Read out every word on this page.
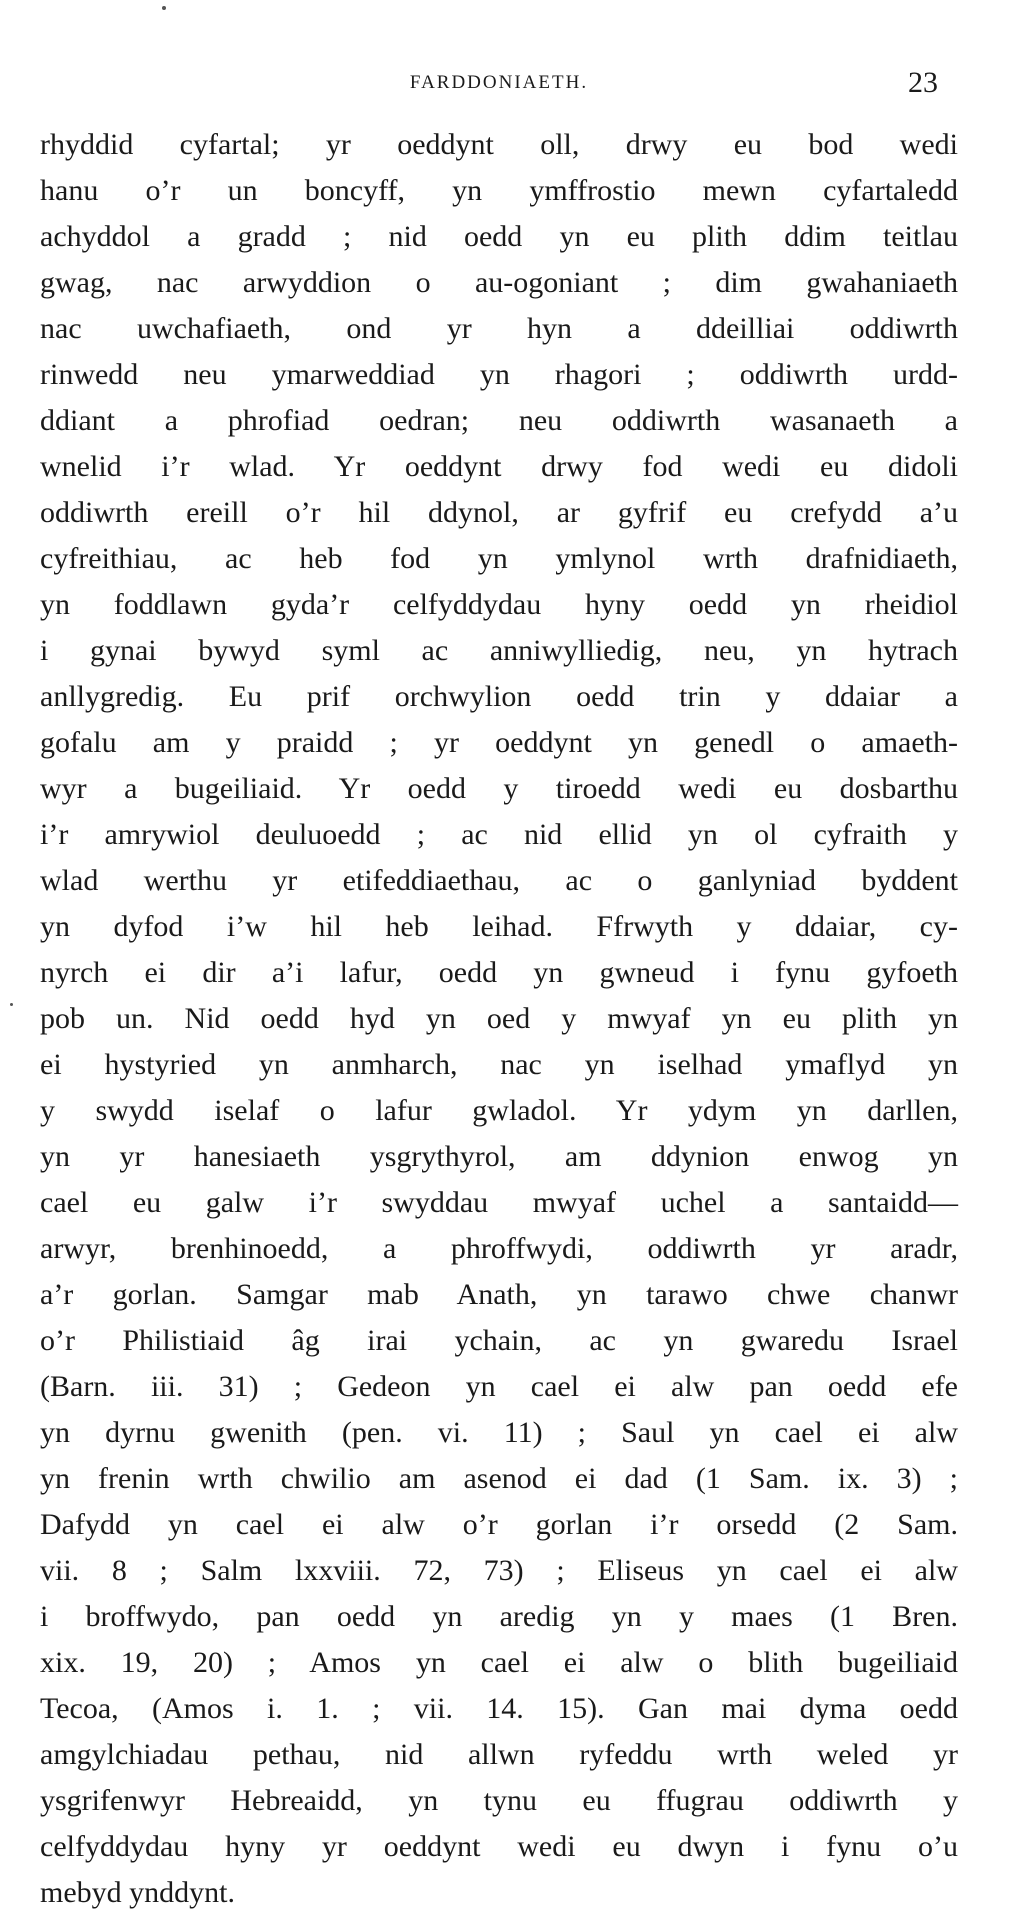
FARDDONIAETH.	23
rhyddid cyfartal; yr oeddynt oll, drwy eu bod wedi
hanu o’r un boncyff, yn ymffrostio mewn cyfartaledd
achyddol a gradd ; nid oedd yn eu plith ddim teitlau
gwag, nac arwyddion o au-ogoniant ; dim gwahaniaeth
nac uwchafiaeth, ond yr hyn a ddeilliai oddiwrth
rinwedd neu ymarweddiad yn rhagori ; oddiwrth urdd-
ddiant a phrofiad oedran; neu oddiwrth wasanaeth a
wnelid i’r wlad. Yr oeddynt drwy fod wedi eu didoli
oddiwrth ereill o’r hil ddynol, ar gyfrif eu crefydd a’u
cyfreithiau, ac heb fod yn ymlynol wrth drafnidiaeth,
yn foddlawn gyda’r celfyddydau hyny oedd yn rheidiol
i gynai bywyd syml ac anniwylliedig, neu, yn hytrach
anllygredig. Eu prif orchwylion oedd trin y ddaiar a
gofalu am y praidd ; yr oeddynt yn genedl o amaeth-
wyr a bugeiliaid. Yr oedd y tiroedd wedi eu dosbarthu
i’r amrywiol deuluoedd ; ac nid ellid yn ol cyfraith y
wlad werthu yr etifeddiaethau, ac o ganlyniad byddent
yn dyfod i’w hil heb leihad. Ffrwyth y ddaiar, cy-
nyrch ei dir a’i lafur, oedd yn gwneud i fynu gyfoeth
pob un. Nid oedd hyd yn oed y mwyaf yn eu plith yn
ei hystyried yn anmharch, nac yn iselhad ymaflyd yn
y swydd iselaf o lafur gwladol. Yr ydym yn darllen,
yn yr hanesiaeth ysgrythyrol, am ddynion enwog yn
cael eu galw i’r swyddau mwyaf uchel a santaidd—
arwyr, brenhinoedd, a phroffwydi, oddiwrth yr aradr,
a’r gorlan. Samgar mab Anath, yn tarawo chwe chanwr
o’r Philistiaid âg irai ychain, ac yn gwaredu Israel
(Barn. iii. 31) ; Gedeon yn cael ei alw pan oedd efe
yn dyrnu gwenith (pen. vi. 11) ; Saul yn cael ei alw
yn frenin wrth chwilio am asenod ei dad (1 Sam. ix. 3) ;
Dafydd yn cael ei alw o’r gorlan i’r orsedd (2 Sam.
vii. 8 ; Salm lxxviii. 72, 73) ; Eliseus yn cael ei alw
i broffwydo, pan oedd yn aredig yn y maes (1 Bren.
xix. 19, 20) ; Amos yn cael ei alw o blith bugeiliaid
Tecoa, (Amos i. 1. ; vii. 14. 15). Gan mai dyma oedd
amgylchiadau pethau, nid allwn ryfeddu wrth weled yr
ysgrifenwyr Hebreaidd, yn tynu eu ffugrau oddiwrth y
celfyddydau hyny yr oeddynt wedi eu dwyn i fynu o’u
mebyd ynddynt.
